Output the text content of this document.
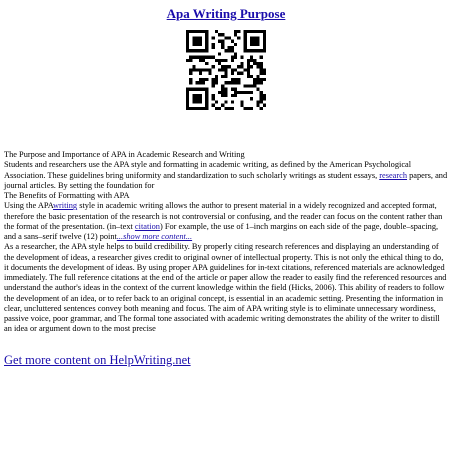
Apa Writing Purpose

The Purpose and Importance of APA in Academic Research and Writing

Students and researchers use the APA style and formatting in academic writing, as defined by the American Psychological Association. These guidelines bring uniformity and standardization to such scholarly writings as student essays, research papers, and journal articles. By setting the foundation for

The Benefits of Formatting with APA

Using the APAwriting style in academic writing allows the author to present material in a widely recognized and accepted format, therefore the basic presentation of the research is not controversial or confusing, and the reader can focus on the content rather than the format of the presentation. (in–text citation) For example, the use of 1–inch margins on each side of the page, double–spacing, and a sans–serif twelve (12) point...show more content...

As a researcher, the APA style helps to build credibility. By properly citing research references and displaying an understanding of the development of ideas, a researcher gives credit to original owner of intellectual property. This is not only the ethical thing to do, it documents the development of ideas. By using proper APA guidelines for in-text citations, referenced materials are acknowledged immediately. The full reference citations at the end of the article or paper allow the reader to easily find the referenced resources and understand the author's ideas in the context of the current knowledge within the field (Hicks, 2006). This ability of readers to follow the development of an idea, or to refer back to an original concept, is essential in an academic setting. Presenting the information in clear, uncluttered sentences convey both meaning and focus. The aim of APA writing style is to eliminate unnecessary wordiness, passive voice, poor grammar, and The formal tone associated with academic writing demonstrates the ability of the writer to distill an idea or argument down to the most precise

Get more content on HelpWriting.net
